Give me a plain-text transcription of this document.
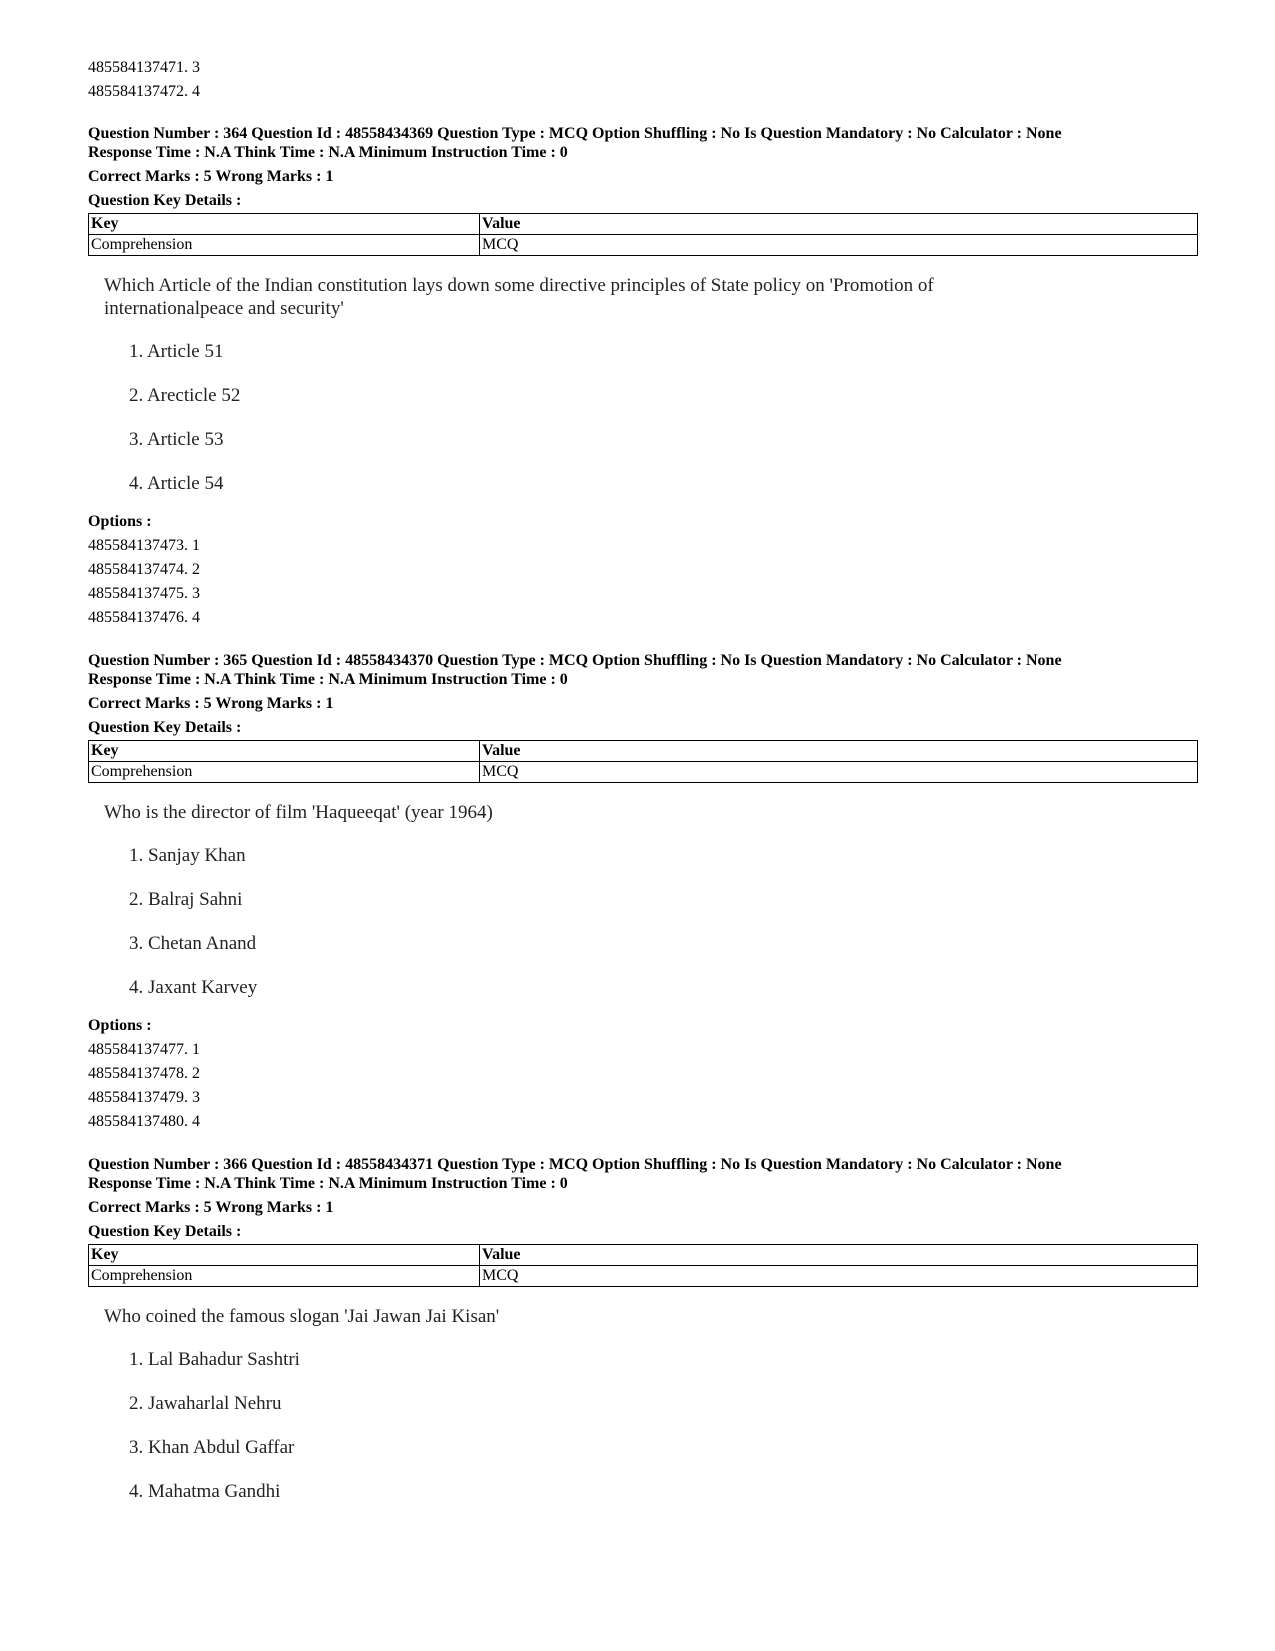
485584137471. 3

485584137472. 4

Question Number : 364 Question Id : 48558434369 Question Type : MCQ Option Shuffling : No Is Question Mandatory : No Calculator : None

Response Time : N.A Think Time : N.A Minimum Instruction Time : 0

Correct Marks : 5 Wrong Marks : 1

Question Key Details :

Key	Value
Comprehension	MCQ

Which Article of the Indian constitution lays down some directive principles of State policy on 'Promotion of internationalpeace and security'

1. Article 51
2. Arecticle 52
3. Article 53
4. Article 54

Options :

485584137473. 1

485584137474. 2

485584137475. 3

485584137476. 4

Question Number : 365 Question Id : 48558434370 Question Type : MCQ Option Shuffling : No Is Question Mandatory : No Calculator : None

Response Time : N.A Think Time : N.A Minimum Instruction Time : 0

Correct Marks : 5 Wrong Marks : 1

Question Key Details :

Key	Value
Comprehension	MCQ

Who is the director of film 'Haqueeqat' (year 1964)

1. Sanjay Khan
2. Balraj Sahni
3. Chetan Anand
4. Jaxant Karvey

Options :

485584137477. 1

485584137478. 2

485584137479. 3

485584137480. 4

Question Number : 366 Question Id : 48558434371 Question Type : MCQ Option Shuffling : No Is Question Mandatory : No Calculator : None

Response Time : N.A Think Time : N.A Minimum Instruction Time : 0

Correct Marks : 5 Wrong Marks : 1

Question Key Details :

Key	Value
Comprehension	MCQ

Who coined the famous slogan 'Jai Jawan Jai Kisan'

1. Lal Bahadur Sashtri
2. Jawaharlal Nehru
3. Khan Abdul Gaffar
4. Mahatma Gandhi
